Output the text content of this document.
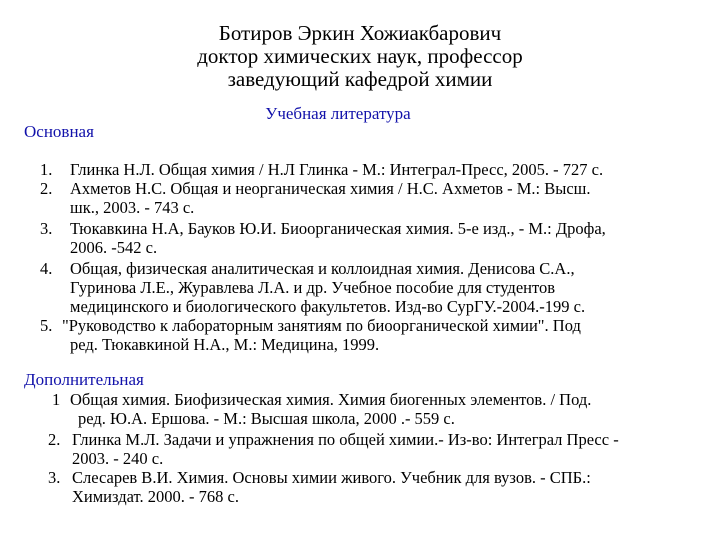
Ботиров Эркин Хожиакбарович
доктор химических наук, профессор
заведующий кафедрой химии
Учебная литература
Основная
1. Глинка Н.Л. Общая химия / Н.Л Глинка - М.: Интеграл-Пресс, 2005. - 727 с.
2. Ахметов Н.С. Общая и неорганическая химия / Н.С. Ахметов - М.: Высш.
шк., 2003. - 743 с.
3. Тюкавкина Н.А, Бауков Ю.И. Биоорганическая химия. 5-е изд., - М.: Дрофа,
2006. -542 с.
4. Общая, физическая аналитическая и коллоидная химия. Денисова С.А.,
Гуринова Л.Е., Журавлева Л.А. и др. Учебное пособие для студентов
медицинского и биологического факультетов. Изд-во СурГУ.-2004.-199 с.
5. "Руководство к лабораторным занятиям по биоорганической химии". Под
ред. Тюкавкиной Н.А., М.: Медицина, 1999.
Дополнительная
1 Общая химия. Биофизическая химия. Химия биогенных элементов. / Под.
ред. Ю.А. Ершова. - М.: Высшая школа, 2000 .- 559 с.
2. Глинка М.Л. Задачи и упражнения по общей химии.- Из-во: Интеграл Пресс -
2003. - 240 с.
3. Слесарев В.И. Химия. Основы химии живого. Учебник для вузов. - СПБ.:
Химиздат. 2000. - 768 с.
